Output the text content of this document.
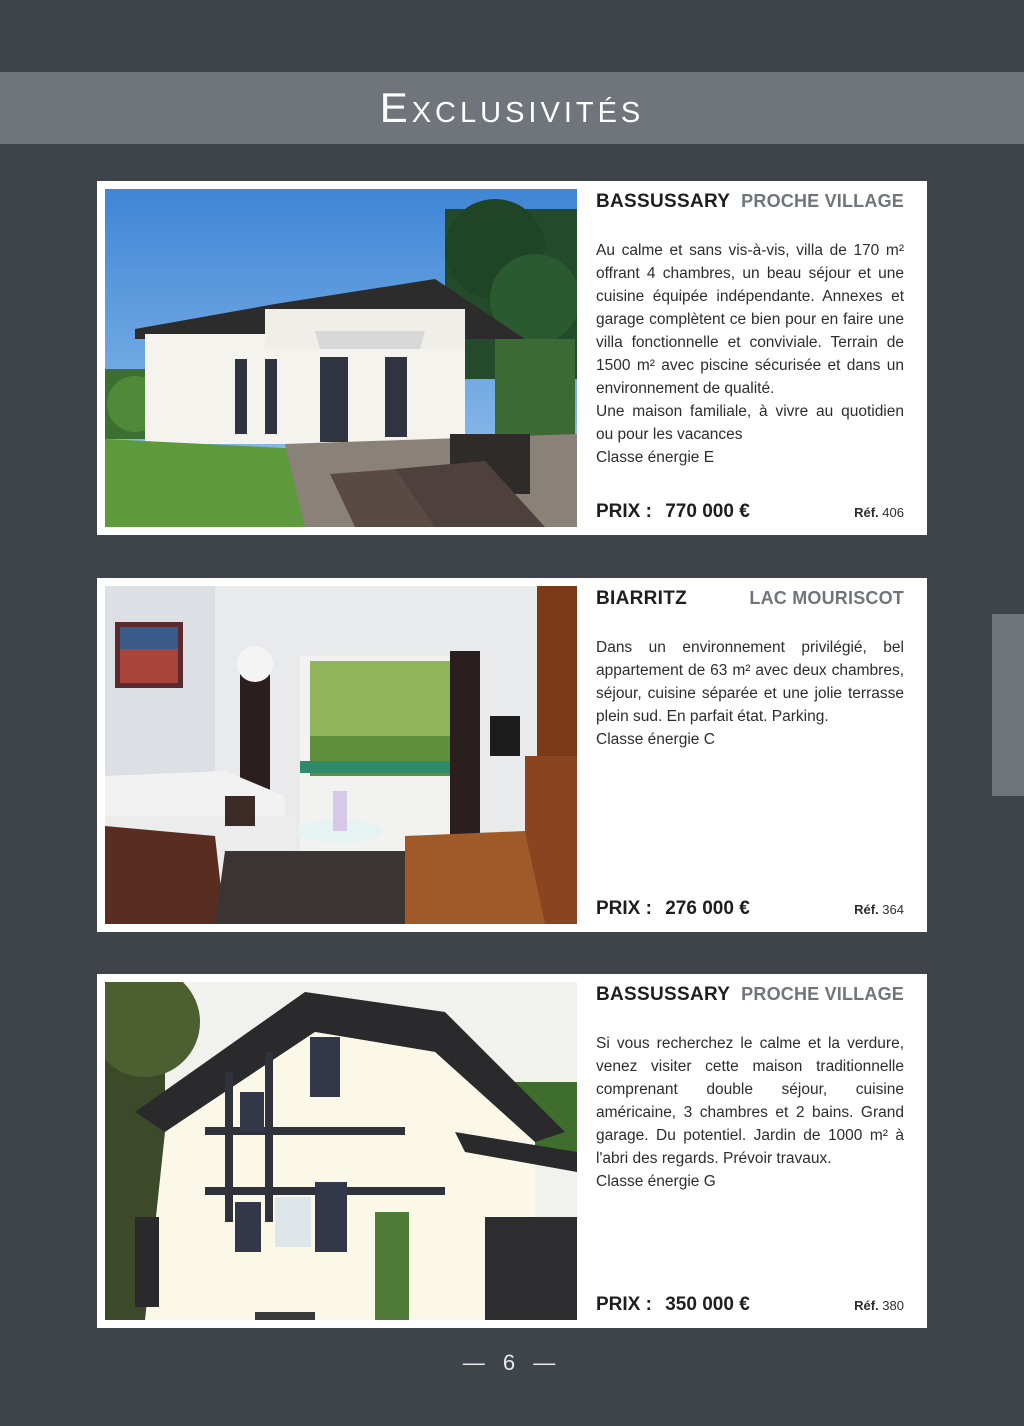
Exclusivités
BASSUSSARY PROCHE VILLAGE

Au calme et sans vis-à-vis, villa de 170 m² offrant 4 chambres, un beau séjour et une cuisine équipée indépendante. Annexes et garage complètent ce bien pour en faire une villa fonctionnelle et conviviale. Terrain de 1500 m² avec piscine sécurisée et dans un environnement de qualité.

Une maison familiale, à vivre au quotidien ou pour les vacances

Classe énergie E

PRIX : 770 000 €	Réf. 406
BIARRITZ	LAC MOURISCOT

Dans un environnement privilégié, bel appartement de 63 m² avec deux chambres, séjour, cuisine séparée et une jolie terrasse plein sud. En parfait état. Parking.

Classe énergie C

PRIX : 276 000 €	Réf. 364
BASSUSSARY PROCHE VILLAGE

Si vous recherchez le calme et la verdure, venez visiter cette maison traditionnelle comprenant double séjour, cuisine américaine, 3 chambres et 2 bains. Grand garage. Du potentiel. Jardin de 1000 m² à l'abri des regards. Prévoir travaux.

Classe énergie G

PRIX : 350 000 €	Réf. 380
— 6 —
